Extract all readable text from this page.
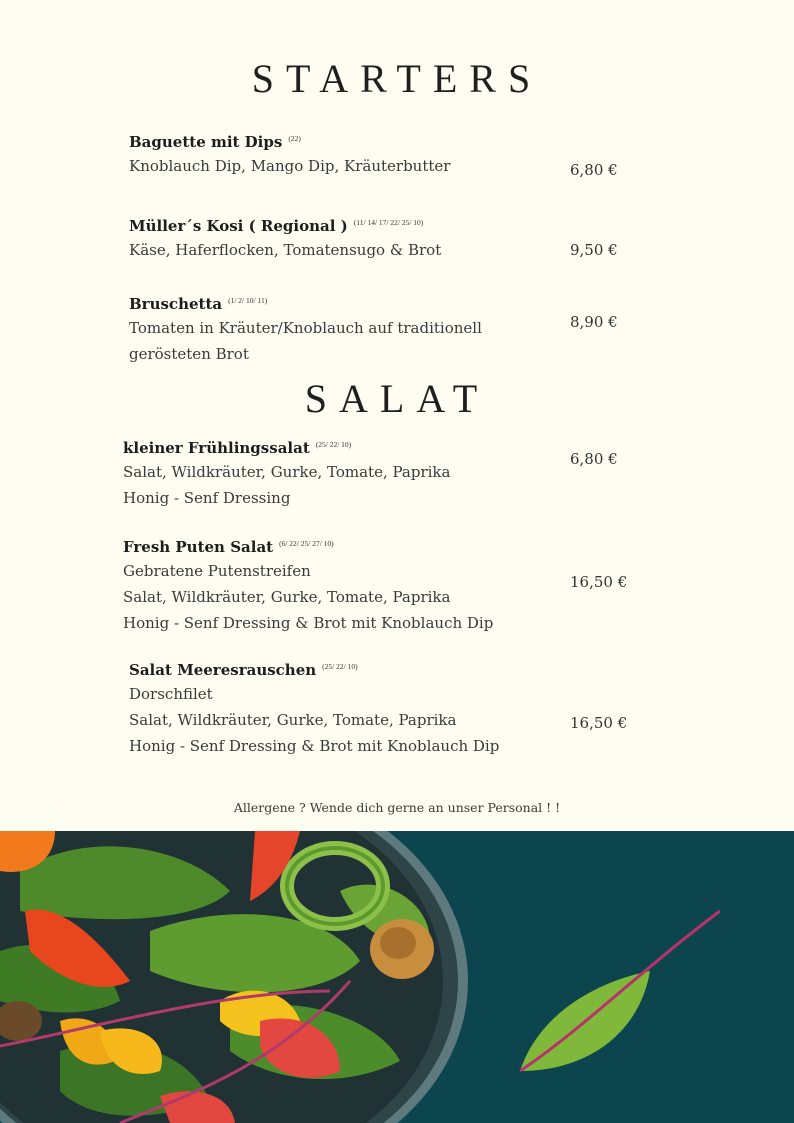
STARTERS
Baguette mit Dips $^{(22)}$
Knoblauch Dip, Mango Dip, Kräuterbutter	6,80 €
Müller´s Kosi ( Regional ) $^{(11/ 14/ 17/ 22/ 25/ 10)}$
Käse, Haferflocken, Tomatensugo & Brot	9,50 €
Bruschetta $^{(1/ 2/ 10/ 11)}$
Tomaten in Kräuter/Knoblauch auf traditionell
gerösteten Brot
8,90 €
SALAT
kleiner Frühlingssalat $^{(25/ 22/ 10)}$
Salat, Wildkräuter, Gurke, Tomate, Paprika
Honig - Senf Dressing
6,80 €
Fresh Puten Salat $^{(6/ 22/ 25/ 27/ 10)}$
Gebratene Putenstreifen
Salat, Wildkräuter, Gurke, Tomate, Paprika
Honig - Senf Dressing & Brot mit Knoblauch Dip
16,50 €
Salat Meeresrauschen $^{(25/ 22/ 10)}$
Dorschfilet
Salat, Wildkräuter, Gurke, Tomate, Paprika
Honig - Senf Dressing & Brot mit Knoblauch Dip
16,50 €
Allergene ? Wende dich gerne an unser Personal ! !
